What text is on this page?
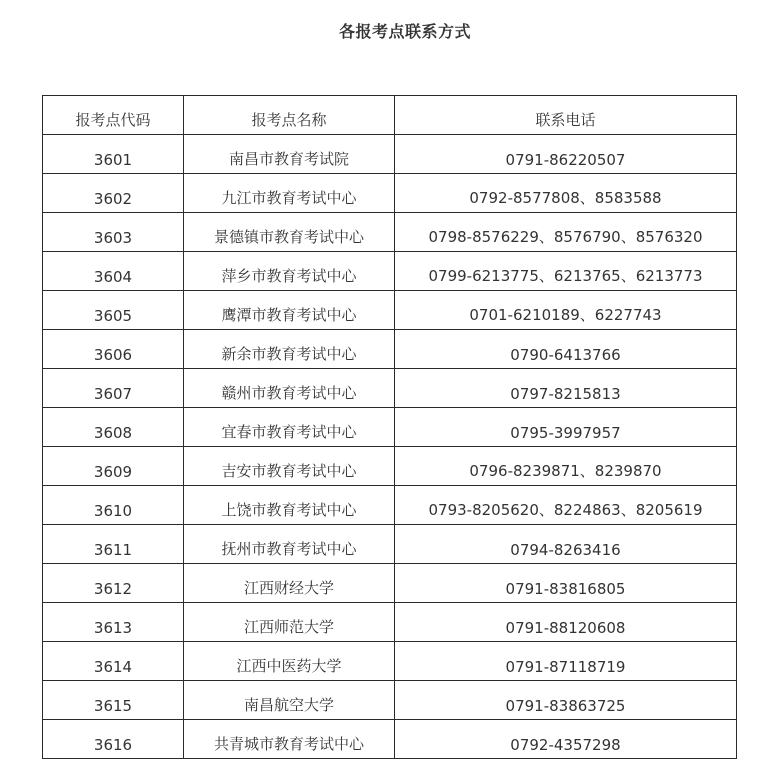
各报考点联系方式
报考点代码	报考点名称	联系电话
3601	南昌市教育考试院	0791-86220507
3602	九江市教育考试中心	0792-8577808、8583588
3603	景德镇市教育考试中心	0798-8576229、8576790、8576320
3604	萍乡市教育考试中心	0799-6213775、6213765、6213773
3605	鹰潭市教育考试中心	0701-6210189、6227743
3606	新余市教育考试中心	0790-6413766
3607	赣州市教育考试中心	0797-8215813
3608	宜春市教育考试中心	0795-3997957
3609	吉安市教育考试中心	0796-8239871、8239870
3610	上饶市教育考试中心	0793-8205620、8224863、8205619
3611	抚州市教育考试中心	0794-8263416
3612	江西财经大学	0791-83816805
3613	江西师范大学	0791-88120608
3614	江西中医药大学	0791-87118719
3615	南昌航空大学	0791-83863725
3616	共青城市教育考试中心	0792-4357298
